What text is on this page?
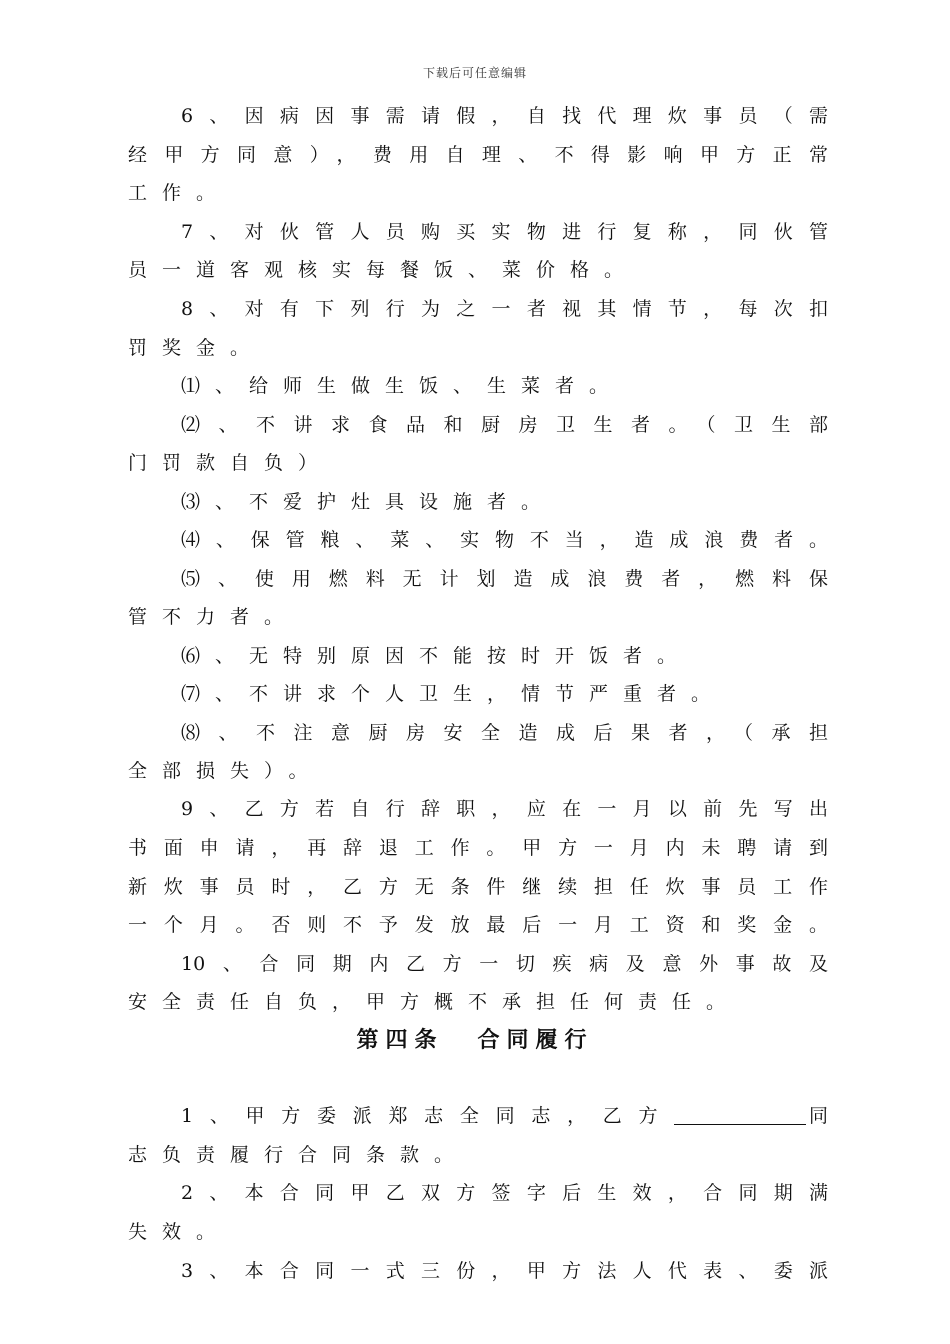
下载后可任意编辑
6、因病因事需请假，自找代理炊事员（需
经甲方同意），费用自理、不得影响甲方正常
工作。
7、对伙管人员购买实物进行复称，同伙管
员一道客观核实每餐饭、菜价格。
8、对有下列行为之一者视其情节，每次扣
罚奖金。
⑴、给师生做生饭、生菜者。
⑵、不讲求食品和厨房卫生者。（卫生部
门罚款自负）
⑶、不爱护灶具设施者。
⑷、保管粮、菜、实物不当，造成浪费者。
⑸、使用燃料无计划造成浪费者，燃料保
管不力者。
⑹、无特别原因不能按时开饭者。
⑺、不讲求个人卫生，情节严重者。
⑻、不注意厨房安全造成后果者，（承担
全部损失）。
9、乙方若自行辞职，应在一月以前先写出
书面申请，再辞退工作。甲方一月内未聘请到
新炊事员时，乙方无条件继续担任炊事员工作
一个月。否则不予发放最后一月工资和奖金。
10、合同期内乙方一切疾病及意外事故及
安全责任自负，甲方概不承担任何责任。
第四条 合同履行
1、甲方委派郑志全同志，乙方	同
志负责履行合同条款。
2、本合同甲乙双方签字后生效，合同期满
失效。
3、本合同一式三份，甲方法人代表、委派
